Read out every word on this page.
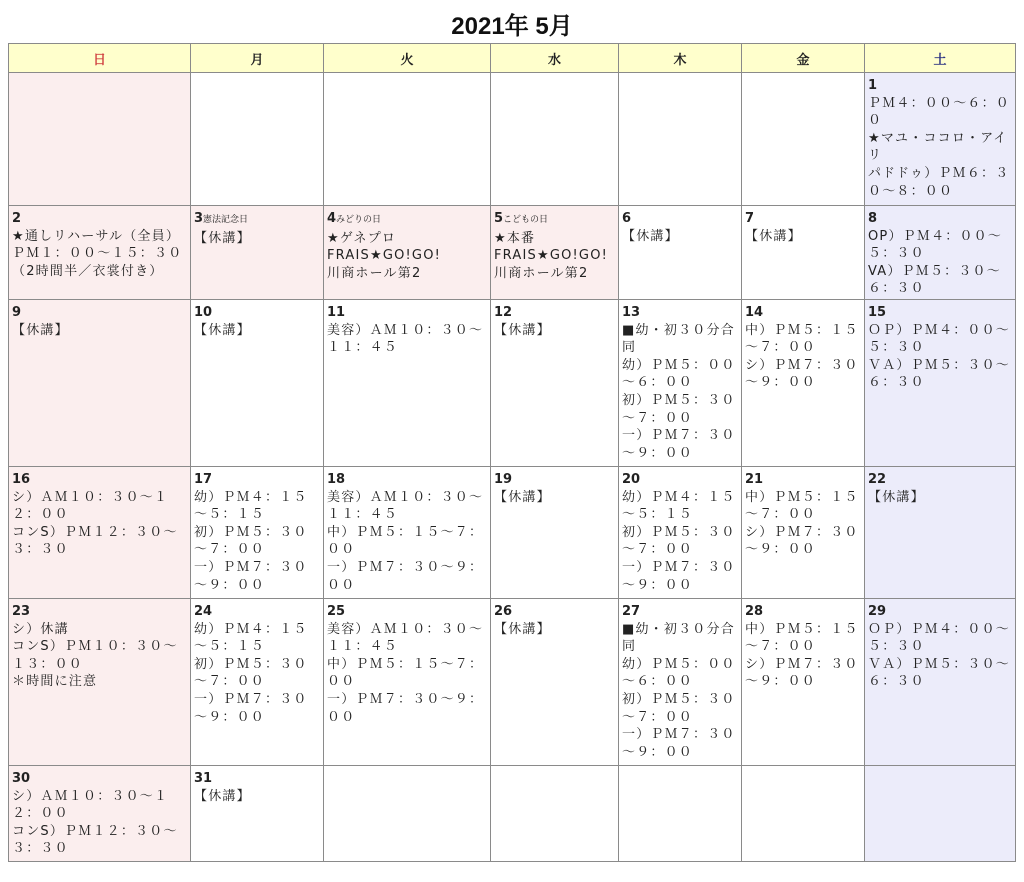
2021年 5月
日	月	火	水	木	金	土

						1
ＰＭ４：００～６：００
★マユ・ココロ・アイリ
パドドゥ）ＰＭ６：３０～８：００

2
★通しリハーサル（全員）
ＰＭ１：００～１５：３０
（2時間半／衣裳付き）	3憲法記念日
【休講】	4みどりの日
★ゲネプロ
FRAIS★GO!GO!
川商ホール第2	5こどもの日
★本番
FRAIS★GO!GO!
川商ホール第2	6
【休講】	7
【休講】	8
OP）ＰＭ４：００～５：３０
VA）ＰＭ５：３０～６：３０

9
【休講】	10
【休講】	11
美容）ＡＭ１０：３０～１１：４５	12
【休講】	13
■幼・初３０分合同
幼）ＰＭ５：００～６：００
初）ＰＭ５：３０～７：００
一）ＰＭ７：３０～９：００	14
中）ＰＭ５：１５～７：００
シ）ＰＭ７：３０～９：００	15
ＯＰ）ＰＭ４：００～５：３０
ＶＡ）ＰＭ５：３０～６：３０

16
シ）ＡＭ１０：３０～１２：００
コンS）ＰＭ１２：３０～３：３０	17
幼）ＰＭ４：１５～５：１５
初）ＰＭ５：３０～７：００
一）ＰＭ７：３０～９：００	18
美容）ＡＭ１０：３０～１１：４５
中）ＰＭ５：１５～７：００
一）ＰＭ７：３０～９：００	19
【休講】	20
幼）ＰＭ４：１５～５：１５
初）ＰＭ５：３０～７：００
一）ＰＭ７：３０～９：００	21
中）ＰＭ５：１５～７：００
シ）ＰＭ７：３０～９：００	22
【休講】

23
シ）休講
コンS）ＰＭ１０：３０～１３：００
＊時間に注意	24
幼）ＰＭ４：１５～５：１５
初）ＰＭ５：３０～７：００
一）ＰＭ７：３０～９：００	25
美容）ＡＭ１０：３０～１１：４５
中）ＰＭ５：１５～７：００
一）ＰＭ７：３０～９：００	26
【休講】	27
■幼・初３０分合同
幼）ＰＭ５：００～６：００
初）ＰＭ５：３０～７：００
一）ＰＭ７：３０～９：００	28
中）ＰＭ５：１５～７：００
シ）ＰＭ７：３０～９：００	29
ＯＰ）ＰＭ４：００～５：３０
ＶＡ）ＰＭ５：３０～６：３０

30
シ）ＡＭ１０：３０～１２：００
コンS）ＰＭ１２：３０～３：３０	31
【休講】					
